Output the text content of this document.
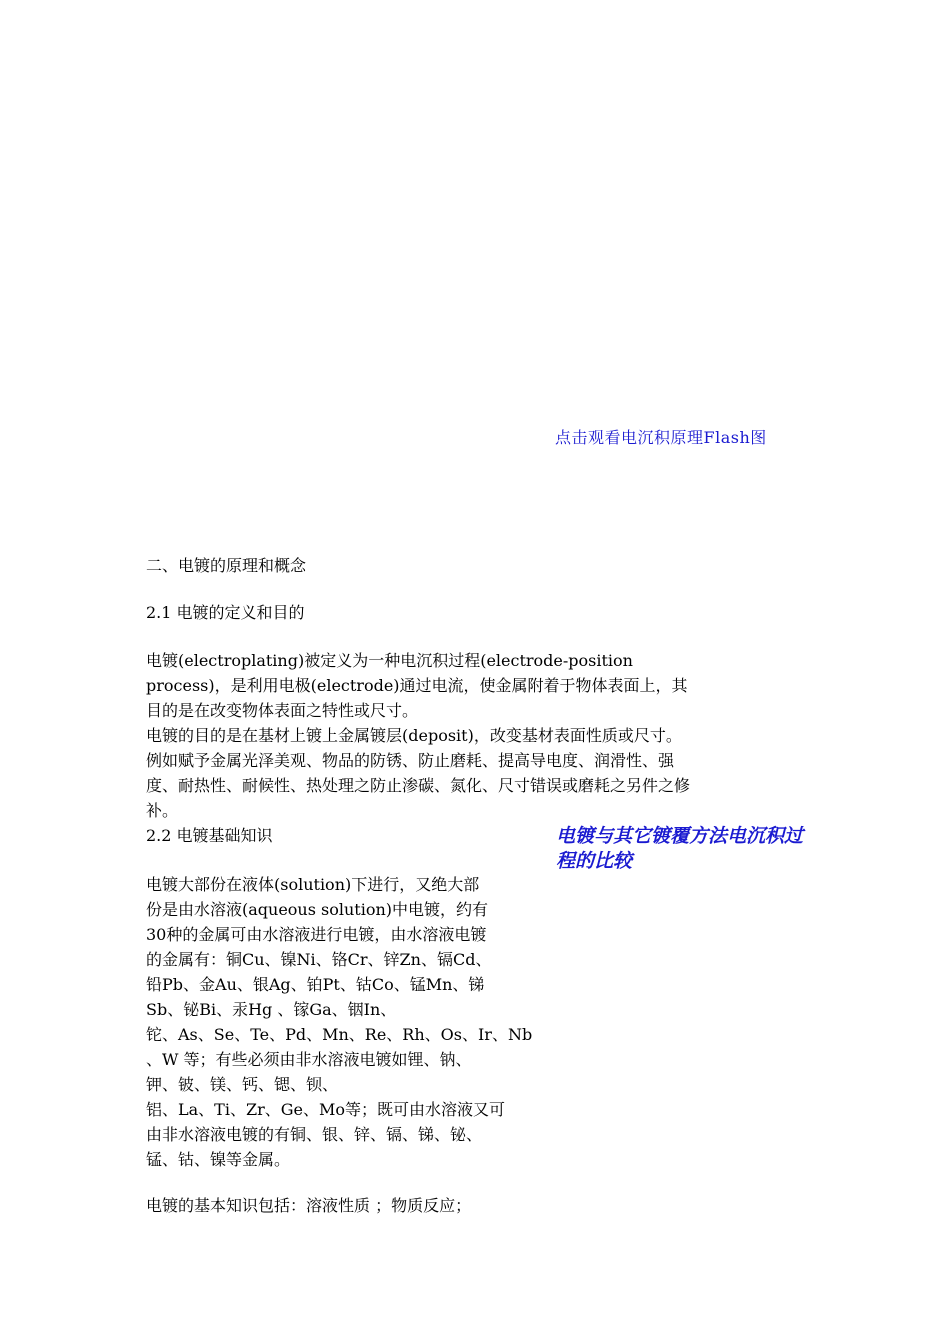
点击观看电沉积原理Flash图
二、电镀的原理和概念
2.1 电镀的定义和目的
电镀(electroplating)被定义为一种电沉积过程(electrode-position
process)，是利用电极(electrode)通过电流，使金属附着于物体表面上，其
目的是在改变物体表面之特性或尺寸。
电镀的目的是在基材上镀上金属镀层(deposit)，改变基材表面性质或尺寸。
例如赋予金属光泽美观、物品的防锈、防止磨耗、提高导电度、润滑性、强
度、耐热性、耐候性、热处理之防止渗碳、氮化、尺寸错误或磨耗之另件之修
补。
2.2 电镀基础知识	电镀与其它镀覆方法电沉积过程的比较
电镀大部份在液体(solution)下进行，又绝大部
份是由水溶液(aqueous solution)中电镀，约有
30种的金属可由水溶液进行电镀，由水溶液电镀
的金属有：铜Cu、镍Ni、铬Cr、锌Zn、镉Cd、
铅Pb、金Au、银Ag、铂Pt、钴Co、锰Mn、锑
Sb、铋Bi、汞Hg 、镓Ga、铟In、
铊、As、Se、Te、Pd、Mn、Re、Rh、Os、Ir、Nb
、W 等；有些必须由非水溶液电镀如锂、钠、
钾、铍、镁、钙、锶、钡、
铝、La、Ti、Zr、Ge、Mo等；既可由水溶液又可
由非水溶液电镀的有铜、银、锌、镉、锑、铋、
锰、钴、镍等金属。
电镀的基本知识包括：溶液性质 ；物质反应；
